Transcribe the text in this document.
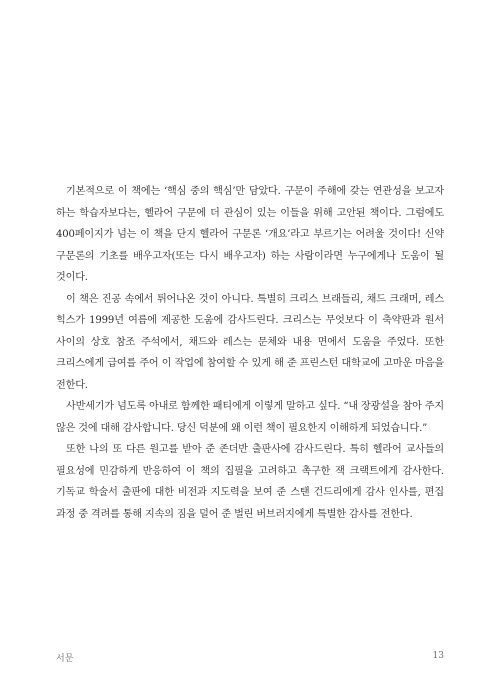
기본적으로 이 책에는 ‘핵심 중의 핵심’만 담았다. 구문이 주해에 갖는 연관성을 보고자 하는 학습자보다는, 헬라어 구문에 더 관심이 있는 이들을 위해 고안된 책이다. 그럼에도 400페이지가 넘는 이 책을 단지 헬라어 구문론 ‘개요’라고 부르기는 어려울 것이다! 신약 구문론의 기초를 배우고자(또는 다시 배우고자) 하는 사람이라면 누구에게나 도움이 될 것이다.

이 책은 진공 속에서 튀어나온 것이 아니다. 특별히 크리스 브래들리, 채드 크래머, 레스 힉스가 1999년 여름에 제공한 도움에 감사드린다. 크리스는 무엇보다 이 축약판과 원서 사이의 상호 참조 주석에서, 채드와 레스는 문체와 내용 면에서 도움을 주었다. 또한 크리스에게 급여를 주어 이 작업에 참여할 수 있게 해 준 프린스턴 대학교에 고마운 마음을 전한다.

사반세기가 넘도록 아내로 함께한 패티에게 이렇게 말하고 싶다. “내 장광설을 참아 주지 않은 것에 대해 감사합니다. 당신 덕분에 왜 이런 책이 필요한지 이해하게 되었습니다.”

또한 나의 또 다른 원고를 받아 준 존더반 출판사에 감사드린다. 특히 헬라어 교사들의 필요성에 민감하게 반응하여 이 책의 집필을 고려하고 촉구한 잭 크랙트에게 감사한다. 기독교 학술서 출판에 대한 비전과 지도력을 보여 준 스탠 건드리에게 감사 인사를, 편집 과정 중 격려를 통해 지속의 짐을 덜어 준 벌린 버브러지에게 특별한 감사를 전한다.

서문	13
